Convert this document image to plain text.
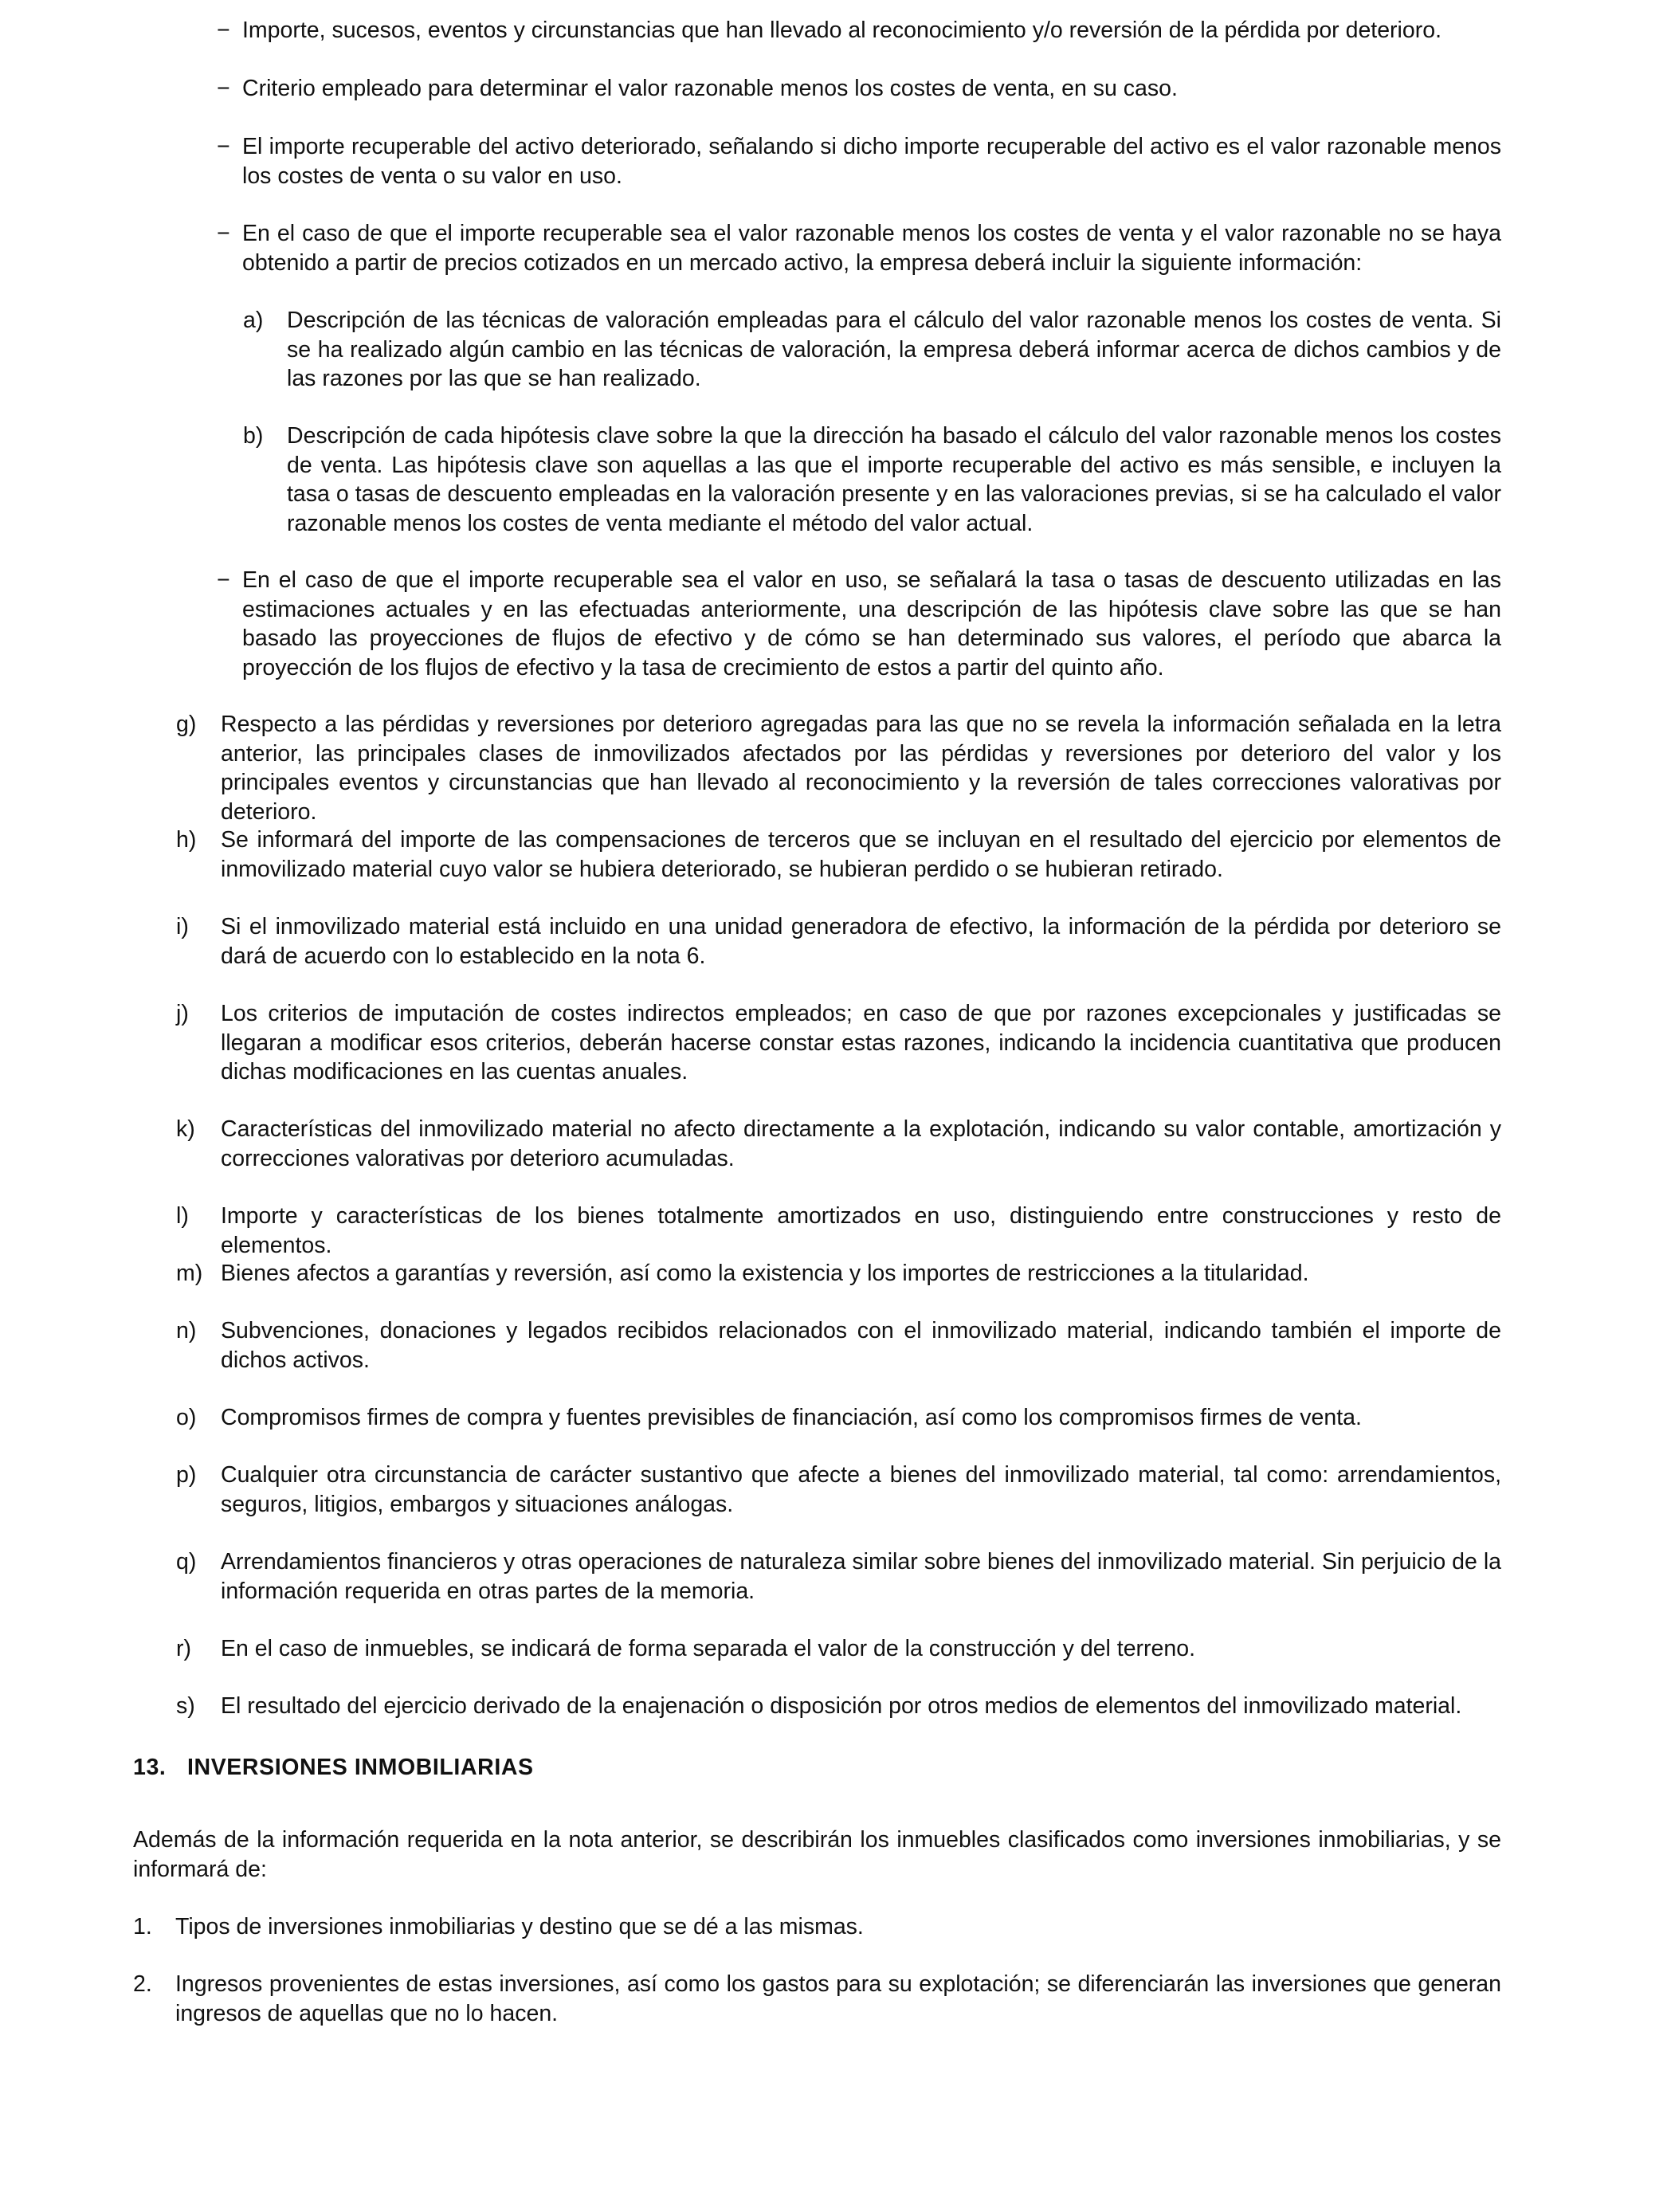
− Importe, sucesos, eventos y circunstancias que han llevado al reconocimiento y/o reversión de la pérdida por deterioro.

− Criterio empleado para determinar el valor razonable menos los costes de venta, en su caso.

− El importe recuperable del activo deteriorado, señalando si dicho importe recuperable del activo es el valor razonable menos los costes de venta o su valor en uso.

− En el caso de que el importe recuperable sea el valor razonable menos los costes de venta y el valor razonable no se haya obtenido a partir de precios cotizados en un mercado activo, la empresa deberá incluir la siguiente información:

a)	Descripción de las técnicas de valoración empleadas para el cálculo del valor razonable menos los costes de venta. Si se ha realizado algún cambio en las técnicas de valoración, la empresa deberá informar acerca de dichos cambios y de las razones por las que se han realizado.

b)	Descripción de cada hipótesis clave sobre la que la dirección ha basado el cálculo del valor razonable menos los costes de venta. Las hipótesis clave son aquellas a las que el importe recuperable del activo es más sensible, e incluyen la tasa o tasas de descuento empleadas en la valoración presente y en las valoraciones previas, si se ha calculado el valor razonable menos los costes de venta mediante el método del valor actual.

− En el caso de que el importe recuperable sea el valor en uso, se señalará la tasa o tasas de descuento utilizadas en las estimaciones actuales y en las efectuadas anteriormente, una descripción de las hipótesis clave sobre las que se han basado las proyecciones de flujos de efectivo y de cómo se han determinado sus valores, el período que abarca la proyección de los flujos de efectivo y la tasa de crecimiento de estos a partir del quinto año.

g)	Respecto a las pérdidas y reversiones por deterioro agregadas para las que no se revela la información señalada en la letra anterior, las principales clases de inmovilizados afectados por las pérdidas y reversiones por deterioro del valor y los principales eventos y circunstancias que han llevado al reconocimiento y la reversión de tales correcciones valorativas por deterioro.

h)	Se informará del importe de las compensaciones de terceros que se incluyan en el resultado del ejercicio por elementos de inmovilizado material cuyo valor se hubiera deteriorado, se hubieran perdido o se hubieran retirado.

i)	Si el inmovilizado material está incluido en una unidad generadora de efectivo, la información de la pérdida por deterioro se dará de acuerdo con lo establecido en la nota 6.

j)	Los criterios de imputación de costes indirectos empleados; en caso de que por razones excepcionales y justificadas se llegaran a modificar esos criterios, deberán hacerse constar estas razones, indicando la incidencia cuantitativa que producen dichas modificaciones en las cuentas anuales.

k)	Características del inmovilizado material no afecto directamente a la explotación, indicando su valor contable, amortización y correcciones valorativas por deterioro acumuladas.

l)	Importe y características de los bienes totalmente amortizados en uso, distinguiendo entre construcciones y resto de elementos.

m) Bienes afectos a garantías y reversión, así como la existencia y los importes de restricciones a la titularidad.

n)	Subvenciones, donaciones y legados recibidos relacionados con el inmovilizado material, indicando también el importe de dichos activos.

o)	Compromisos firmes de compra y fuentes previsibles de financiación, así como los compromisos firmes de venta.

p)	Cualquier otra circunstancia de carácter sustantivo que afecte a bienes del inmovilizado material, tal como: arrendamientos, seguros, litigios, embargos y situaciones análogas.

q)	Arrendamientos financieros y otras operaciones de naturaleza similar sobre bienes del inmovilizado material. Sin perjuicio de la información requerida en otras partes de la memoria.

r)	En el caso de inmuebles, se indicará de forma separada el valor de la construcción y del terreno.

s)	El resultado del ejercicio derivado de la enajenación o disposición por otros medios de elementos del inmovilizado material.

13. INVERSIONES INMOBILIARIAS

Además de la información requerida en la nota anterior, se describirán los inmuebles clasificados como inversiones inmobiliarias, y se informará de:

1.	Tipos de inversiones inmobiliarias y destino que se dé a las mismas.

2.	Ingresos provenientes de estas inversiones, así como los gastos para su explotación; se diferenciarán las inversiones que generan ingresos de aquellas que no lo hacen.
